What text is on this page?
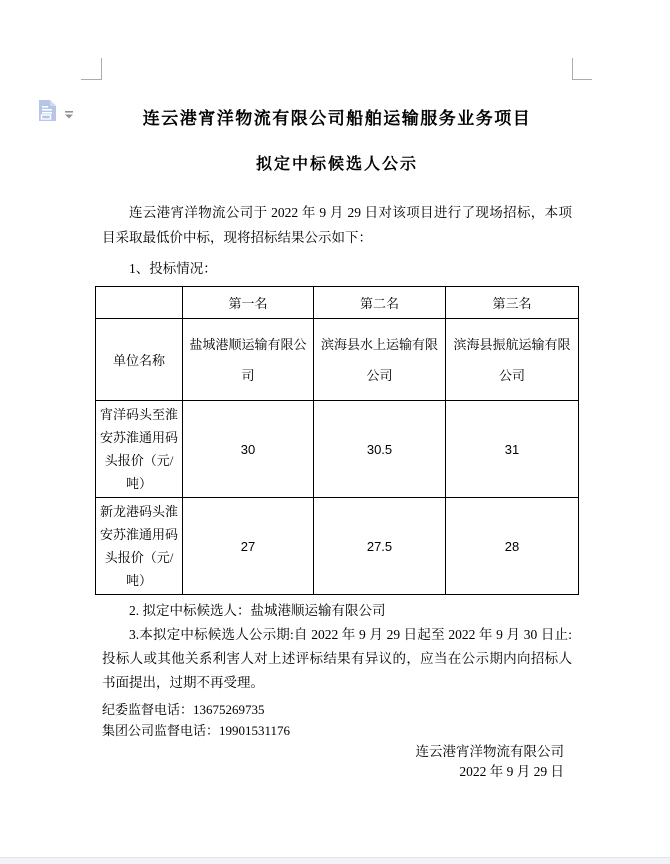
连云港宵洋物流有限公司船舶运输服务业务项目
拟定中标候选人公示

连云港宵洋物流公司于 2022 年 9 月 29 日对该项目进行了现场招标，本项目采取最低价中标，现将招标结果公示如下：

1、投标情况：

	第一名	第二名	第三名
单位名称	盐城港顺运输有限公司	滨海县水上运输有限公司	滨海县振航运输有限公司
宵洋码头至淮安苏淮通用码头报价（元/吨）	30	30.5	31
新龙港码头淮安苏淮通用码头报价（元/吨）	27	27.5	28

2. 拟定中标候选人：盐城港顺运输有限公司

3.本拟定中标候选人公示期:自 2022 年 9 月 29 日起至 2022 年 9 月 30 日止:投标人或其他关系利害人对上述评标结果有异议的，应当在公示期内向招标人书面提出，过期不再受理。

纪委监督电话：13675269735
集团公司监督电话：19901531176
连云港宵洋物流有限公司
2022 年 9 月 29 日
